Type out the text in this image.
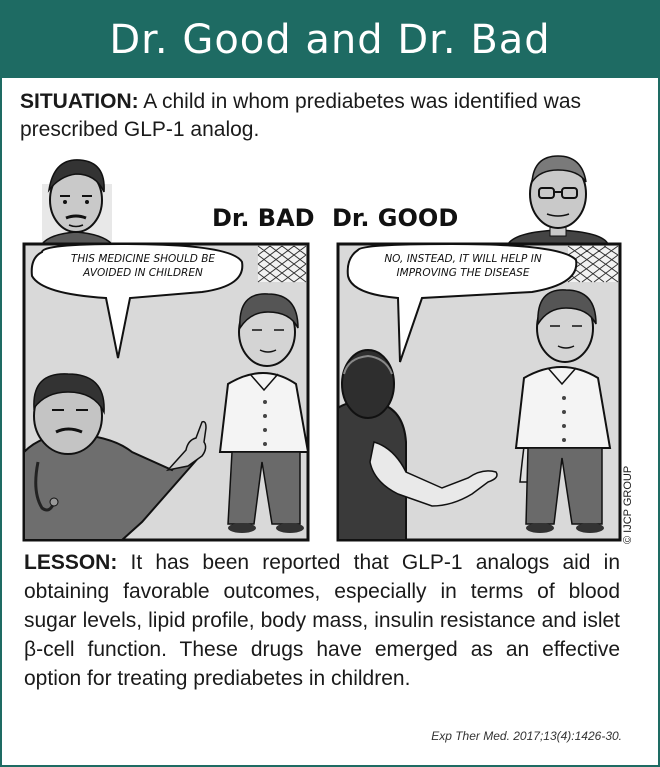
Dr. Good and Dr. Bad
SITUATION: A child in whom prediabetes was identified was prescribed GLP-1 analog.
Dr. BAD Dr. GOOD
THIS MEDICINE SHOULD BE AVOIDED IN CHILDREN
NO, INSTEAD, IT WILL HELP IN IMPROVING THE DISEASE
© IJCP GROUP
LESSON: It has been reported that GLP-1 analogs aid in obtaining favorable outcomes, especially in terms of blood sugar levels, lipid profile, body mass, insulin resistance and islet β-cell function. These drugs have emerged as an effective option for treating prediabetes in children.
Exp Ther Med. 2017;13(4):1426-30.
